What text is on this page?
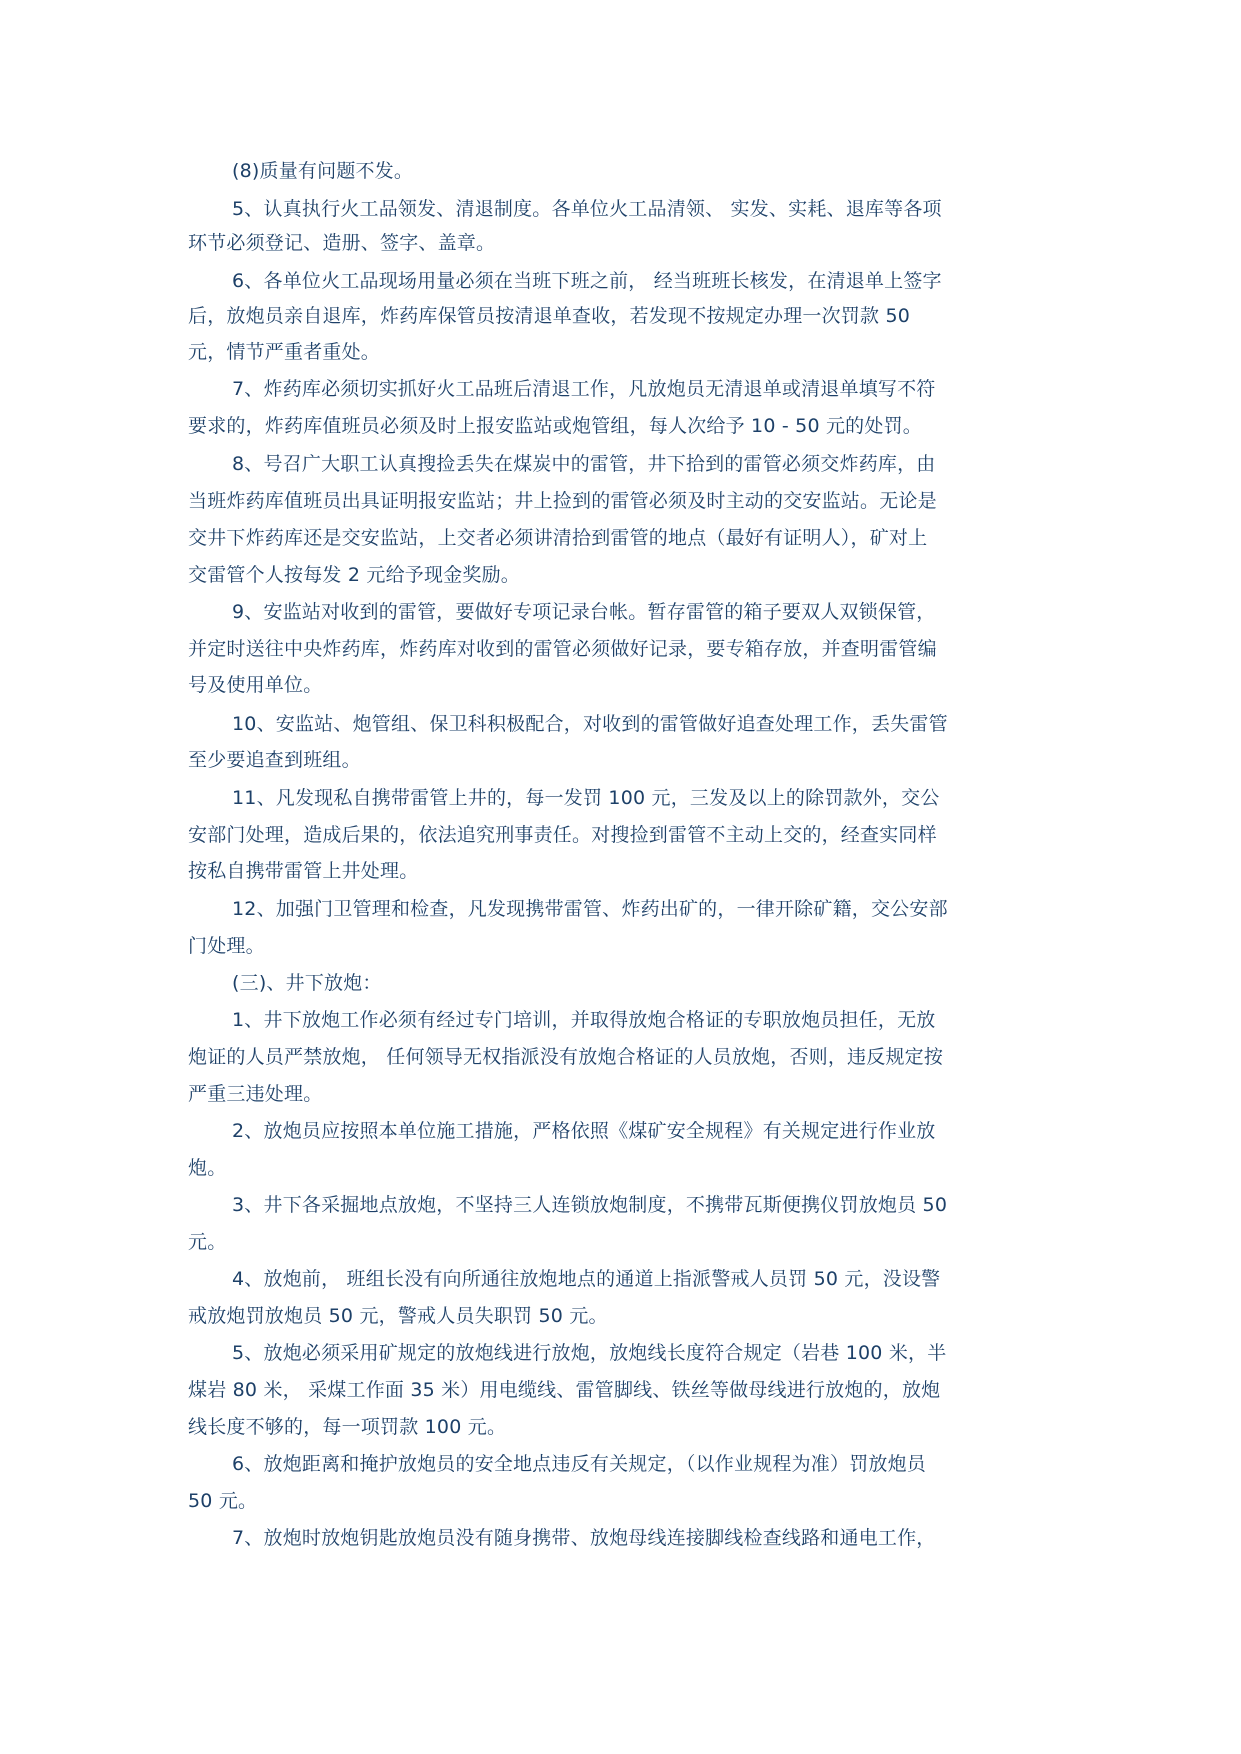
(8)质量有问题不发。
5、认真执行火工品领发、清退制度。各单位火工品清领、 实发、实耗、退库等各项
环节必须登记、造册、签字、盖章。
6、各单位火工品现场用量必须在当班下班之前， 经当班班长核发，在清退单上签字
后，放炮员亲自退库，炸药库保管员按清退单查收，若发现不按规定办理一次罚款 50
元，情节严重者重处。
7、炸药库必须切实抓好火工品班后清退工作，凡放炮员无清退单或清退单填写不符
要求的，炸药库值班员必须及时上报安监站或炮管组，每人次给予 10 - 50 元的处罚。
8、号召广大职工认真搜捡丢失在煤炭中的雷管，井下拾到的雷管必须交炸药库，由
当班炸药库值班员出具证明报安监站；井上捡到的雷管必须及时主动的交安监站。无论是
交井下炸药库还是交安监站，上交者必须讲清拾到雷管的地点（最好有证明人），矿对上
交雷管个人按每发 2 元给予现金奖励。
9、安监站对收到的雷管，要做好专项记录台帐。暂存雷管的箱子要双人双锁保管，
并定时送往中央炸药库，炸药库对收到的雷管必须做好记录，要专箱存放，并查明雷管编
号及使用单位。
10、安监站、炮管组、保卫科积极配合，对收到的雷管做好追查处理工作，丢失雷管
至少要追查到班组。
11、凡发现私自携带雷管上井的，每一发罚 100 元，三发及以上的除罚款外，交公
安部门处理，造成后果的，依法追究刑事责任。对搜捡到雷管不主动上交的，经查实同样
按私自携带雷管上井处理。
12、加强门卫管理和检查，凡发现携带雷管、炸药出矿的，一律开除矿籍，交公安部
门处理。
(三)、井下放炮：
1、井下放炮工作必须有经过专门培训，并取得放炮合格证的专职放炮员担任，无放
炮证的人员严禁放炮， 任何领导无权指派没有放炮合格证的人员放炮，否则，违反规定按
严重三违处理。
2、放炮员应按照本单位施工措施，严格依照《煤矿安全规程》有关规定进行作业放
炮。
3、井下各采掘地点放炮，不坚持三人连锁放炮制度，不携带瓦斯便携仪罚放炮员 50
元。
4、放炮前， 班组长没有向所通往放炮地点的通道上指派警戒人员罚 50 元，没设警
戒放炮罚放炮员 50 元，警戒人员失职罚 50 元。
5、放炮必须采用矿规定的放炮线进行放炮，放炮线长度符合规定（岩巷 100 米，半
煤岩 80 米， 采煤工作面 35 米）用电缆线、雷管脚线、铁丝等做母线进行放炮的，放炮
线长度不够的，每一项罚款 100 元。
6、放炮距离和掩护放炮员的安全地点违反有关规定，（以作业规程为准）罚放炮员
50 元。
7、放炮时放炮钥匙放炮员没有随身携带、放炮母线连接脚线检查线路和通电工作，
